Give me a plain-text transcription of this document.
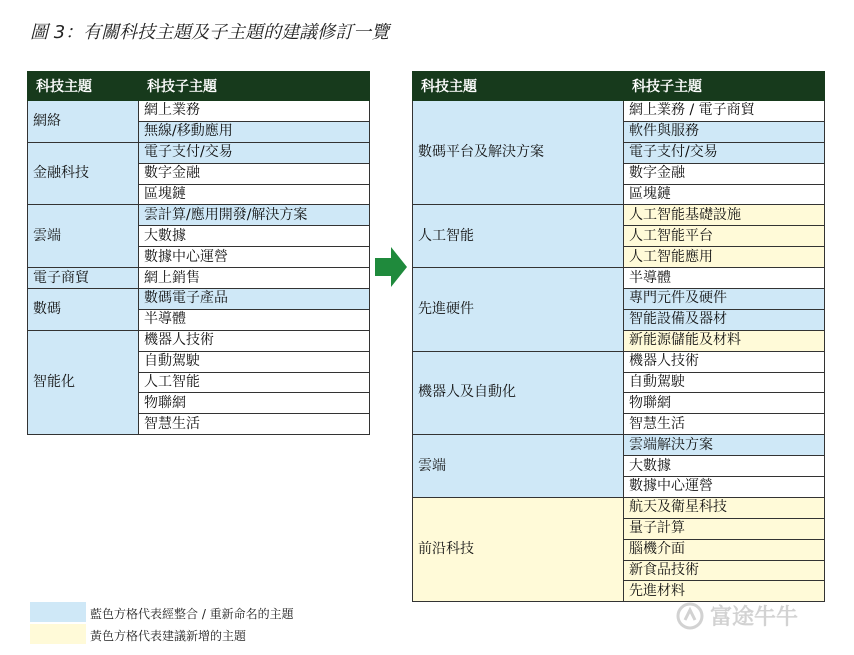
圖 3：有關科技主題及子主題的建議修訂一覽
科技主題	科技子主題
網絡	網上業務
	無線/移動應用
金融科技	電子支付/交易
	數字金融
	區塊鏈
雲端	雲計算/應用開發/解決方案
	大數據
	數據中心運營
電子商貿	網上銷售
數碼	數碼電子產品
	半導體
智能化	機器人技術
	自動駕駛
	人工智能
	物聯網
	智慧生活
科技主題	科技子主題
數碼平台及解決方案	網上業務 / 電子商貿
	軟件與服務
	電子支付/交易
	數字金融
	區塊鏈
人工智能	人工智能基礎設施
	人工智能平台
	人工智能應用
先進硬件	半導體
	專門元件及硬件
	智能設備及器材
	新能源儲能及材料
機器人及自動化	機器人技術
	自動駕駛
	物聯網
	智慧生活
雲端	雲端解決方案
	大數據
	數據中心運營
前沿科技	航天及衛星科技
	量子計算
	腦機介面
	新食品技術
	先進材料
藍色方格代表經整合 / 重新命名的主題
黃色方格代表建議新增的主題
富途牛牛
